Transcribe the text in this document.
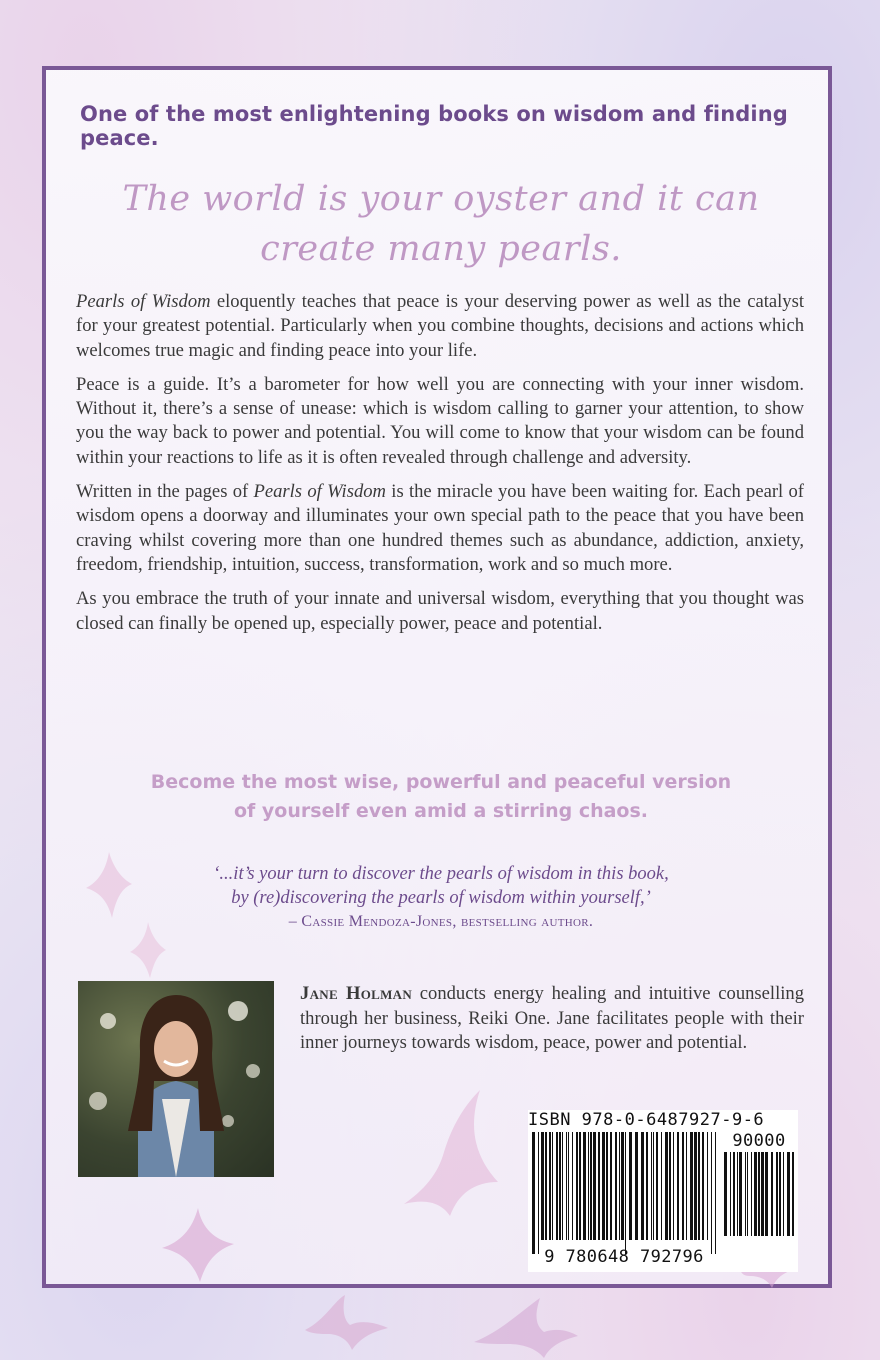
One of the most enlightening books on wisdom and finding peace.
The world is your oyster and it can
create many pearls.

Pearls of Wisdom eloquently teaches that peace is your deserving power as well as the catalyst for your greatest potential. Particularly when you combine thoughts, decisions and actions which welcomes true magic and finding peace into your life.

Peace is a guide. It’s a barometer for how well you are connecting with your inner wisdom. Without it, there’s a sense of unease: which is wisdom calling to garner your attention, to show you the way back to power and potential. You will come to know that your wisdom can be found within your reactions to life as it is often revealed through challenge and adversity.

Written in the pages of Pearls of Wisdom is the miracle you have been waiting for. Each pearl of wisdom opens a doorway and illuminates your own special path to the peace that you have been craving whilst covering more than one hundred themes such as abundance, addiction, anxiety, freedom, friendship, intuition, success, transformation, work and so much more.

As you embrace the truth of your innate and universal wisdom, everything that you thought was closed can finally be opened up, especially power, peace and potential.

Become the most wise, powerful and peaceful version
of yourself even amid a stirring chaos.
‘...it’s your turn to discover the pearls of wisdom in this book,
by (re)discovering the pearls of wisdom within yourself,’
– Cassie Mendoza-Jones, bestselling author.
Jane Holman conducts energy healing and intuitive counselling through her business, Reiki One. Jane facilitates people with their inner journeys towards wisdom, peace, power and potential.
ISBN 978-0-6487927-9-6
90000
9 780648 792796
